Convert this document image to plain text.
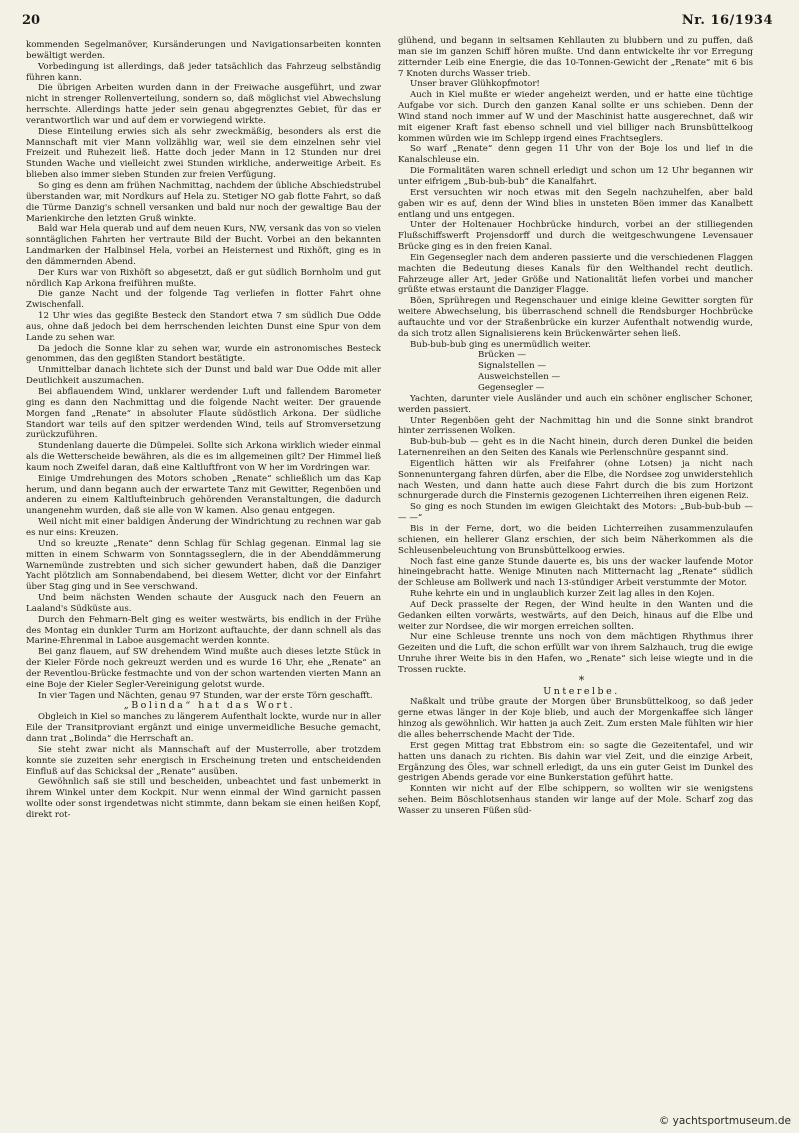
20	Nr. 16/1934

kommenden Segelmanöver, Kursänderungen und Navigationsarbeiten konnten bewältigt werden.

Vorbedingung ist allerdings, daß jeder tatsächlich das Fahrzeug selbständig führen kann.

Die übrigen Arbeiten wurden dann in der Freiwache ausgeführt, und zwar nicht in strenger Rollenverteilung, sondern so, daß möglichst viel Abwechslung herrschte. Allerdings hatte jeder sein genau abgegrenztes Gebiet, für das er verantwortlich war und auf dem er vorwiegend wirkte.

Diese Einteilung erwies sich als sehr zweckmäßig, besonders als erst die Mannschaft mit vier Mann vollzählig war, weil sie dem einzelnen sehr viel Freizeit und Ruhezeit ließ. Hatte doch jeder Mann in 12 Stunden nur drei Stunden Wache und vielleicht zwei Stunden wirkliche, anderweitige Arbeit. Es blieben also immer sieben Stunden zur freien Verfügung.

So ging es denn am frühen Nachmittag, nachdem der übliche Abschiedstrubel überstanden war, mit Nordkurs auf Hela zu. Stetiger NO gab flotte Fahrt, so daß die Türme Danzig's schnell versanken und bald nur noch der gewaltige Bau der Marienkirche den letzten Gruß winkte.

Bald war Hela querab und auf dem neuen Kurs, NW, versank das von so vielen sonntäglichen Fahrten her vertraute Bild der Bucht. Vorbei an den bekannten Landmarken der Halbinsel Hela, vorbei an Heisternest und Rixhöft, ging es in den dämmernden Abend.

Der Kurs war von Rixhöft so abgesetzt, daß er gut südlich Bornholm und gut nördlich Kap Arkona freiführen mußte.

Die ganze Nacht und der folgende Tag verliefen in flotter Fahrt ohne Zwischenfall.

12 Uhr wies das gegißte Besteck den Standort etwa 7 sm südlich Due Odde aus, ohne daß jedoch bei dem herrschenden leichten Dunst eine Spur von dem Lande zu sehen war.

Da jedoch die Sonne klar zu sehen war, wurde ein astronomisches Besteck genommen, das den gegißten Standort bestätigte.

Unmittelbar danach lichtete sich der Dunst und bald war Due Odde mit aller Deutlichkeit auszumachen.

Bei abflauendem Wind, unklarer werdender Luft und fallendem Barometer ging es dann den Nachmittag und die folgende Nacht weiter. Der grauende Morgen fand „Renate“ in absoluter Flaute südöstlich Arkona. Der südliche Standort war teils auf den spitzer werdenden Wind, teils auf Stromversetzung zurückzuführen.

Stundenlang dauerte die Dümpelei. Sollte sich Arkona wirklich wieder einmal als die Wetterscheide bewähren, als die es im allgemeinen gilt? Der Himmel ließ kaum noch Zweifel daran, daß eine Kaltluftfront von W her im Vordringen war.

Einige Umdrehungen des Motors schoben „Renate“ schließlich um das Kap herum, und dann begann auch der erwartete Tanz mit Gewitter, Regenböen und anderen zu einem Kaltlufteinbruch gehörenden Veranstaltungen, die dadurch unangenehm wurden, daß sie alle von W kamen. Also genau entgegen.

Weil nicht mit einer baldigen Änderung der Windrichtung zu rechnen war gab es nur eins: Kreuzen.

Und so kreuzte „Renate“ denn Schlag für Schlag gegenan. Einmal lag sie mitten in einem Schwarm von Sonntagsseglern, die in der Abenddämmerung Warnemünde zustrebten und sich sicher gewundert haben, daß die Danziger Yacht plötzlich am Sonnabendabend, bei diesem Wetter, dicht vor der Einfahrt über Stag ging und in See verschwand.

Und beim nächsten Wenden schaute der Ausguck nach den Feuern an Laaland's Südküste aus.

Durch den Fehmarn-Belt ging es weiter westwärts, bis endlich in der Frühe des Montag ein dunkler Turm am Horizont auftauchte, der dann schnell als das Marine-Ehrenmal in Laboe ausgemacht werden konnte.

Bei ganz flauem, auf SW drehendem Wind mußte auch dieses letzte Stück in der Kieler Förde noch gekreuzt werden und es wurde 16 Uhr, ehe „Renate“ an der Reventlou-Brücke festmachte und von der schon wartenden vierten Mann an eine Boje der Kieler Segler-Vereinigung gelotst wurde.

In vier Tagen und Nächten, genau 97 Stunden, war der erste Törn geschafft.

„Bolinda“ hat das Wort.

Obgleich in Kiel so manches zu längerem Aufenthalt lockte, wurde nur in aller Eile der Transitproviant ergänzt und einige unvermeidliche Besuche gemacht, dann trat „Bolinda“ die Herrschaft an.

Sie steht zwar nicht als Mannschaft auf der Musterrolle, aber trotzdem konnte sie zuzeiten sehr energisch in Erscheinung treten und entscheidenden Einfluß auf das Schicksal der „Renate“ ausüben.

Gewöhnlich saß sie still und bescheiden, unbeachtet und fast unbemerkt in ihrem Winkel unter dem Kockpit. Nur wenn einmal der Wind garnicht passen wollte oder sonst irgendetwas nicht stimmte, dann bekam sie einen heißen Kopf, direkt rot-

glühend, und begann in seltsamen Kehllauten zu blubbern und zu puffen, daß man sie im ganzen Schiff hören mußte. Und dann entwickelte ihr vor Erregung zitternder Leib eine Energie, die das 10-Tonnen-Gewicht der „Renate“ mit 6 bis 7 Knoten durchs Wasser trieb.

Unser braver Glühkopfmotor!

Auch in Kiel mußte er wieder angeheizt werden, und er hatte eine tüchtige Aufgabe vor sich. Durch den ganzen Kanal sollte er uns schieben. Denn der Wind stand noch immer auf W und der Maschinist hatte ausgerechnet, daß wir mit eigener Kraft fast ebenso schnell und viel billiger nach Brunsbüttelkoog kommen würden wie im Schlepp irgend eines Frachtseglers.

So warf „Renate“ denn gegen 11 Uhr von der Boje los und lief in die Kanalschleuse ein.

Die Formalitäten waren schnell erledigt und schon um 12 Uhr begannen wir unter eifrigem „Bub-bub-bub“ die Kanalfahrt.

Erst versuchten wir noch etwas mit den Segeln nachzuhelfen, aber bald gaben wir es auf, denn der Wind blies in unsteten Böen immer das Kanalbett entlang und uns entgegen.

Unter der Holtenauer Hochbrücke hindurch, vorbei an der stilliegenden Flußschiffswerft Projensdorff und durch die weitgeschwungene Levensauer Brücke ging es in den freien Kanal.

Ein Gegensegler nach dem anderen passierte und die verschiedenen Flaggen machten die Bedeutung dieses Kanals für den Welthandel recht deutlich. Fahrzeuge aller Art, jeder Größe und Nationalität liefen vorbei und mancher grüßte etwas erstaunt die Danziger Flagge.

Böen, Sprühregen und Regenschauer und einige kleine Gewitter sorgten für weitere Abwechselung, bis überraschend schnell die Rendsburger Hochbrücke auftauchte und vor der Straßenbrücke ein kurzer Aufenthalt notwendig wurde, da sich trotz allen Signalisierens kein Brückenwärter sehen ließ.

Bub-bub-bub ging es unermüdlich weiter.

Brücken —

Signalstellen —

Ausweichstellen —

Gegensegler —

Yachten, darunter viele Ausländer und auch ein schöner englischer Schoner, werden passiert.

Unter Regenböen geht der Nachmittag hin und die Sonne sinkt brandrot hinter zerrissenen Wolken.

Bub-bub-bub — geht es in die Nacht hinein, durch deren Dunkel die beiden Laternenreihen an den Seiten des Kanals wie Perlenschnüre gespannt sind.

Eigentlich hätten wir als Freifahrer (ohne Lotsen) ja nicht nach Sonnenuntergang fahren dürfen, aber die Elbe, die Nordsee zog unwiderstehlich nach Westen, und dann hatte auch diese Fahrt durch die bis zum Horizont schnurgerade durch die Finsternis gezogenen Lichterreihen ihren eigenen Reiz.

So ging es noch Stunden im ewigen Gleichtakt des Motors: „Bub-bub-bub — — —“

Bis in der Ferne, dort, wo die beiden Lichterreihen zusammenzulaufen schienen, ein hellerer Glanz erschien, der sich beim Näherkommen als die Schleusenbeleuchtung von Brunsbüttelkoog erwies.

Noch fast eine ganze Stunde dauerte es, bis uns der wacker laufende Motor hineingebracht hatte. Wenige Minuten nach Mitternacht lag „Renate“ südlich der Schleuse am Bollwerk und nach 13-stündiger Arbeit verstummte der Motor.

Ruhe kehrte ein und in unglaublich kurzer Zeit lag alles in den Kojen.

Auf Deck prasselte der Regen, der Wind heulte in den Wanten und die Gedanken eilten vorwärts, westwärts, auf den Deich, hinaus auf die Elbe und weiter zur Nordsee, die wir morgen erreichen sollten.

Nur eine Schleuse trennte uns noch von dem mächtigen Rhythmus ihrer Gezeiten und die Luft, die schon erfüllt war von ihrem Salzhauch, trug die ewige Unruhe ihrer Weite bis in den Hafen, wo „Renate“ sich leise wiegte und in die Trossen ruckte.

*

Unterelbe.

Naßkalt und trübe graute der Morgen über Brunsbüttelkoog, so daß jeder gerne etwas länger in der Koje blieb, und auch der Morgenkaffee sich länger hinzog als gewöhnlich. Wir hatten ja auch Zeit. Zum ersten Male fühlten wir hier die alles beherrschende Macht der Tide.

Erst gegen Mittag trat Ebbstrom ein: so sagte die Gezeitentafel, und wir hatten uns danach zu richten. Bis dahin war viel Zeit, und die einzige Arbeit, Ergänzung des Öles, war schnell erledigt, da uns ein guter Geist im Dunkel des gestrigen Abends gerade vor eine Bunkerstation geführt hatte.

Konnten wir nicht auf der Elbe schippern, so wollten wir sie wenigstens sehen. Beim Böschlotsenhaus standen wir lange auf der Mole. Scharf zog das Wasser zu unseren Füßen süd-

© yachtsportmuseum.de
